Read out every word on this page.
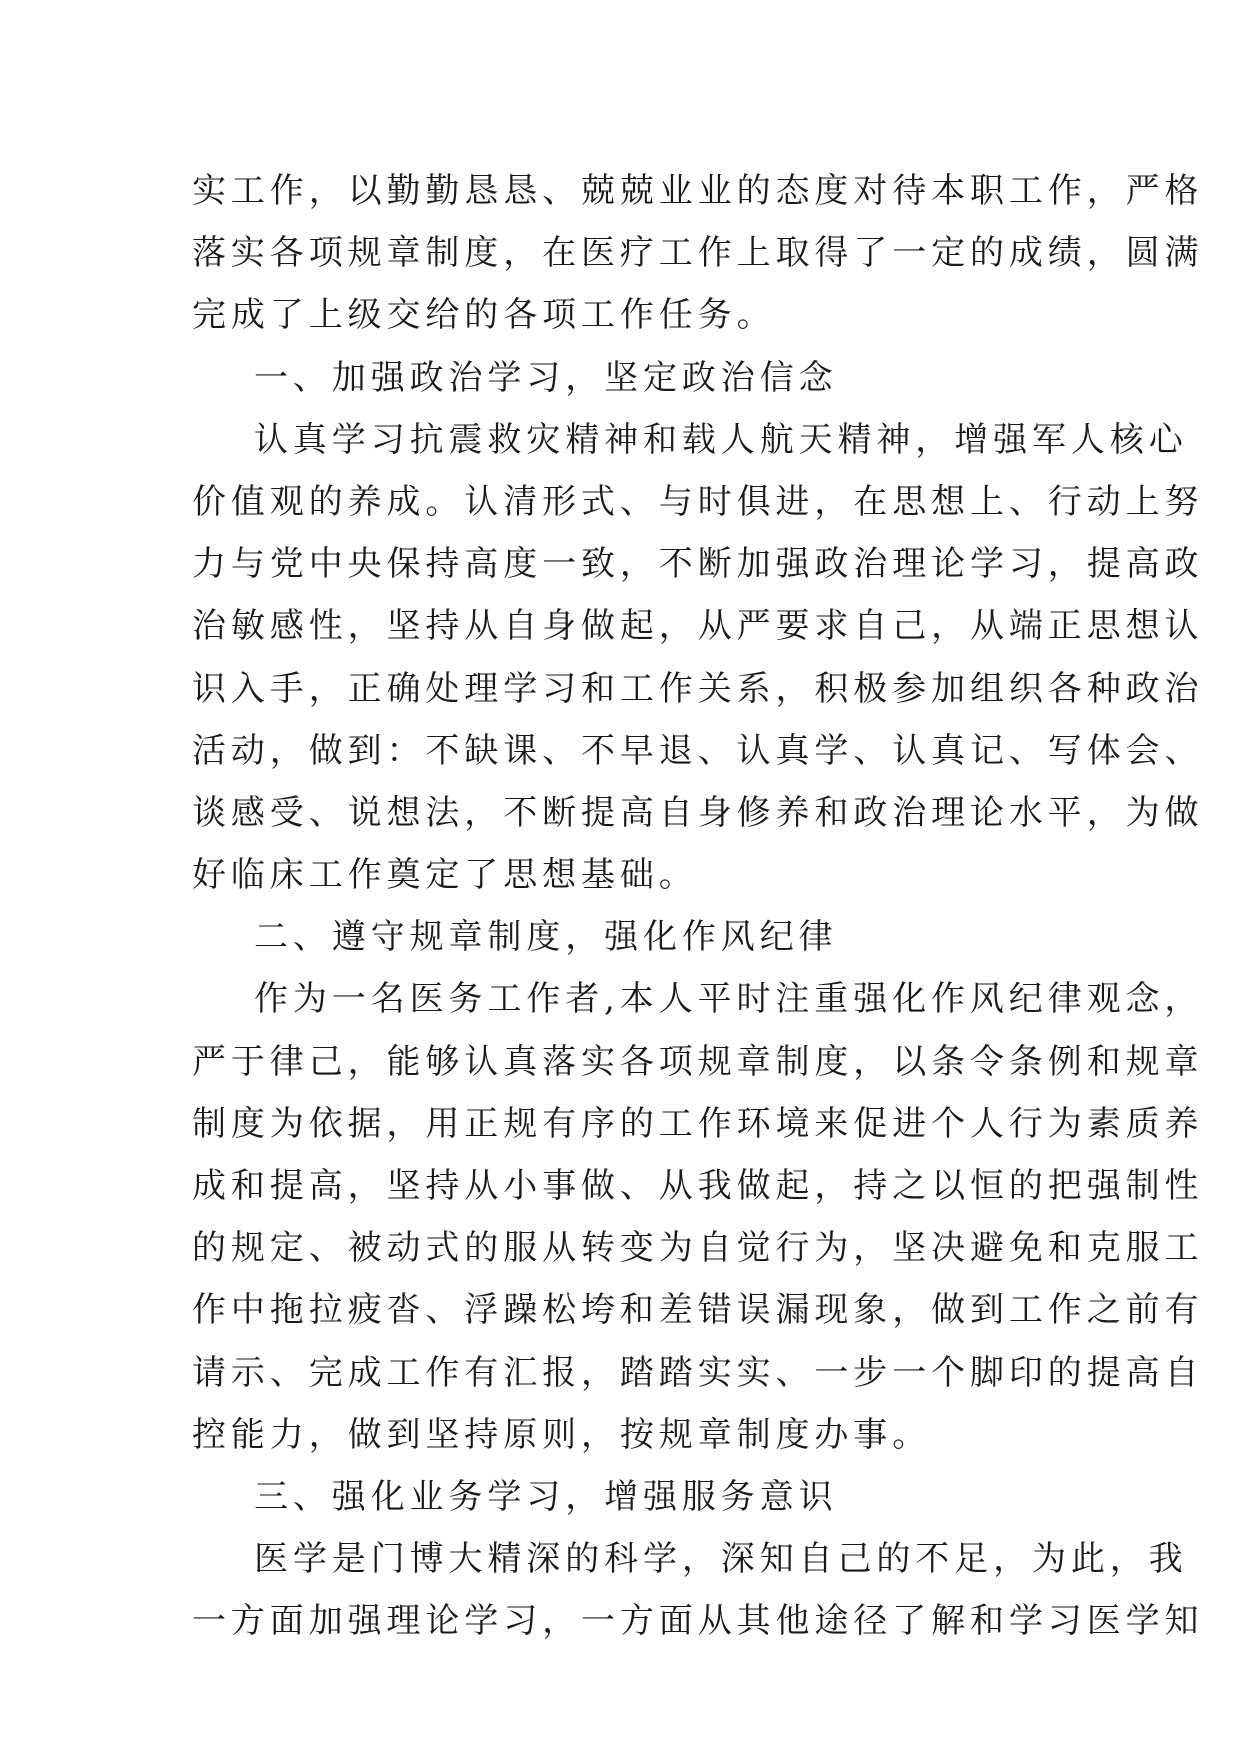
实工作，以勤勤恳恳、兢兢业业的态度对待本职工作，严格
落实各项规章制度，在医疗工作上取得了一定的成绩，圆满
完成了上级交给的各项工作任务。
一、加强政治学习，坚定政治信念
认真学习抗震救灾精神和载人航天精神，增强军人核心
价值观的养成。认清形式、与时俱进，在思想上、行动上努
力与党中央保持高度一致，不断加强政治理论学习，提高政
治敏感性，坚持从自身做起，从严要求自己，从端正思想认
识入手，正确处理学习和工作关系，积极参加组织各种政治
活动，做到：不缺课、不早退、认真学、认真记、写体会、
谈感受、说想法，不断提高自身修养和政治理论水平，为做
好临床工作奠定了思想基础。
二、遵守规章制度，强化作风纪律
作为一名医务工作者,本人平时注重强化作风纪律观念，
严于律己，能够认真落实各项规章制度，以条令条例和规章
制度为依据，用正规有序的工作环境来促进个人行为素质养
成和提高，坚持从小事做、从我做起，持之以恒的把强制性
的规定、被动式的服从转变为自觉行为，坚决避免和克服工
作中拖拉疲沓、浮躁松垮和差错误漏现象，做到工作之前有
请示、完成工作有汇报，踏踏实实、一步一个脚印的提高自
控能力，做到坚持原则，按规章制度办事。
三、强化业务学习，增强服务意识
医学是门博大精深的科学，深知自己的不足，为此，我
一方面加强理论学习，一方面从其他途径了解和学习医学知
